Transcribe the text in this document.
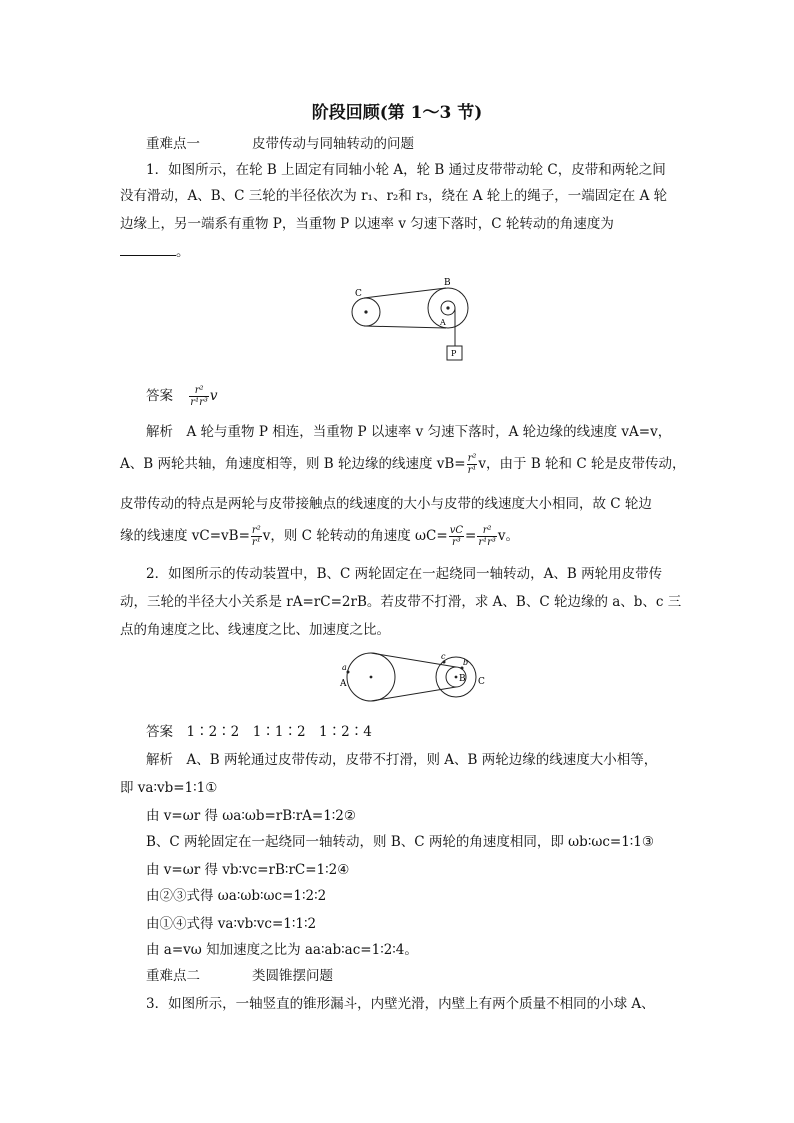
阶段回顾(第 1～3 节)
重难点一	皮带传动与同轴转动的问题
1．如图所示，在轮 B 上固定有同轴小轮 A，轮 B 通过皮带带动轮 C，皮带和两轮之间
没有滑动，A、B、C 三轮的半径依次为 r₁、r₂和 r₃，绕在 A 轮上的绳子，一端固定在 A 轮
边缘上，另一端系有重物 P，当重物 P 以速率 v 匀速下落时，C 轮转动的角速度为
。
C
B
A
P
答案 $\frac{\text{r²}}{\text{r¹r³}}$ v
解析　 A 轮与重物 P 相连，当重物 P 以速率 v 匀速下落时，A 轮边缘的线速度 vA=v，
A、B 两轮共轴，角速度相等，则 B 轮边缘的线速度 $vB= \frac{\text{r²}}{\text{r¹}}$ v，由于 B 轮和 C 轮是皮带传动，
皮带传动的特点是两轮与皮带接触点的线速度的大小与皮带的线速度大小相同，故 C 轮边
缘的线速度 $vC=vB= \frac{\text{r²}}{\text{r¹}}$ v，则 C 轮转动的角速度 $\omega C= \frac{vC}{\text{r³}} = \frac{\text{r²}}{\text{r¹r³}}$ v。
2．如图所示的传动装置中，B、C 两轮固定在一起绕同一轴转动，A、B 两轮用皮带传
动，三轮的半径大小关系是 rA=rC=2rB。若皮带不打滑，求 A、B、C 轮边缘的 a、b、c 三
点的角速度之比、线速度之比、加速度之比。
a
A
c
b
B C
答案　 1∶2∶2　1∶1∶2　1∶2∶4
解析　 A、B 两轮通过皮带传动，皮带不打滑，则 A、B 两轮边缘的线速度大小相等，
即 va∶vb=1∶1①
由 v=ωr 得 ωa∶ωb=rB∶rA=1∶2②
B、C 两轮固定在一起绕同一轴转动，则 B、C 两轮的角速度相同，即 ωb∶ωc=1∶1③
由 v=ωr 得 vb∶vc=rB∶rC=1∶2④
由②③式得 ωa∶ωb∶ωc=1∶2∶2
由①④式得 va∶vb∶vc=1∶1∶2
由 a=vω 知加速度之比为 aa∶ab∶ac=1∶2∶4。
重难点二	类圆锥摆问题
3．如图所示，一轴竖直的锥形漏斗，内壁光滑，内壁上有两个质量不相同的小球 A、
